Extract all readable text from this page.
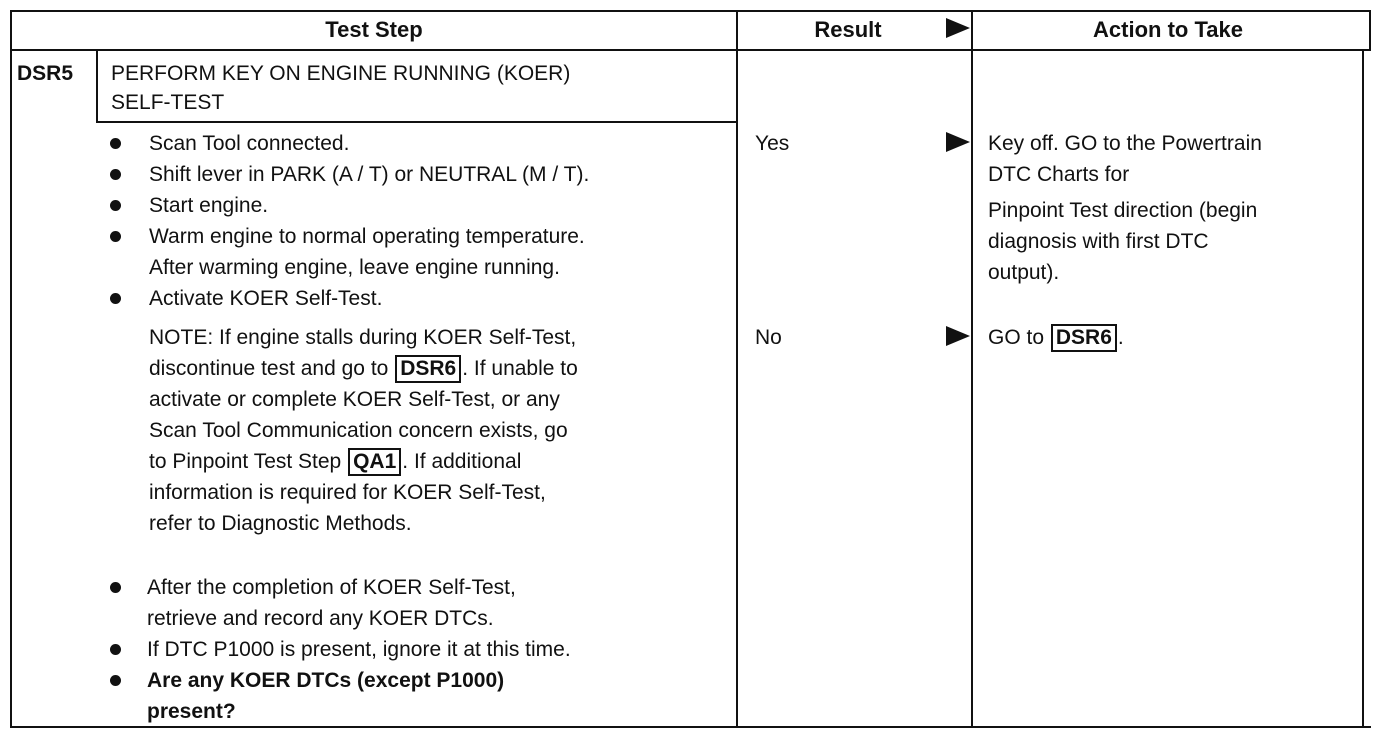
Test Step	Result	Action to Take
DSR5 PERFORM KEY ON ENGINE RUNNING (KOER)
SELF-TEST
Scan Tool connected.
Shift lever in PARK (A / T) or NEUTRAL (M / T).
Start engine.
Warm engine to normal operating temperature.
After warming engine, leave engine running.
Activate KOER Self-Test.
NOTE: If engine stalls during KOER Self-Test,
discontinue test and go to DSR6 . If unable to
activate or complete KOER Self-Test, or any
Scan Tool Communication concern exists, go
to Pinpoint Test Step QA1 . If additional
information is required for KOER Self-Test,
refer to Diagnostic Methods.
After the completion of KOER Self-Test,
retrieve and record any KOER DTCs.
If DTC P1000 is present, ignore it at this time.
Are any KOER DTCs (except P1000)
present?
Yes
No
Key off. GO to the Powertrain
DTC Charts for
Pinpoint Test direction (begin
diagnosis with first DTC
output).
GO to DSR6 .
